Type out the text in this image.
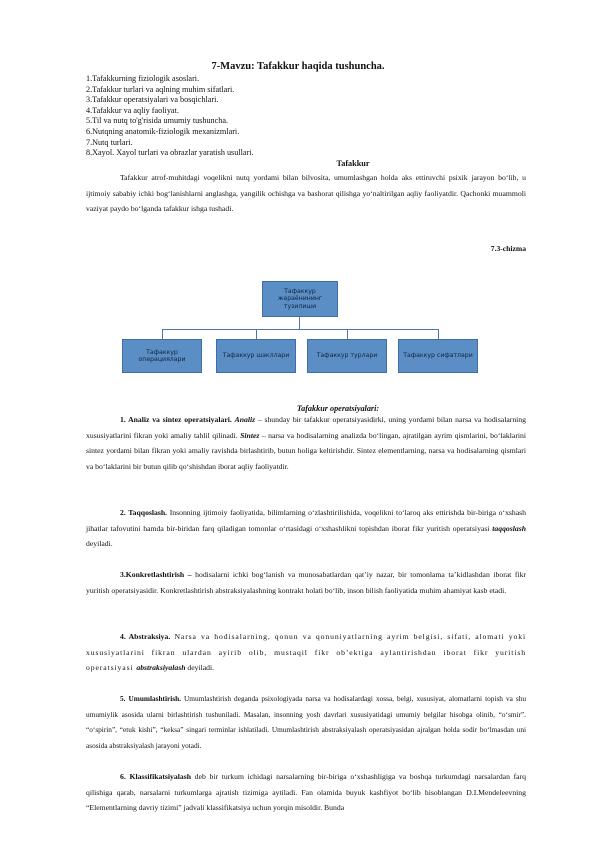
7-Mavzu: Tafakkur haqida tushuncha.
1.Tafakkurning fiziologik asoslari.
2.Tafakkur turlari va aqlning muhim sifatlari.
3.Tafakkur operatsiyalari va bosqichlari.
4.Tafakkur va aqliy faoliyat.
5.Til va nutq to'g'risida umumiy tushuncha.
6.Nutqning anatomik-fiziologik mexanizmlari.
7.Nutq turlari.
8.Xayol. Xayol turlari va obrazlar yaratish usullari.
Tafakkur
Tafakkur atrof-muhitdagi voqelikni nutq yordami bilan bilvosita, umumlashgan holda aks ettiruvchi psixik jarayon bo‘lib, u ijtimoiy sababiy ichki bog‘lanishlarni anglashga, yangilik ochishga va bashorat qilishga yo‘naltirilgan aqliy faoliyatdir. Qachonki muammoli vaziyat paydo bo‘lganda tafakkur ishga tushadi.
7.3-chizma
Тафаккур жараёнининг тузилиши
Тафаккур операциялари
Тафаккур шакллари	Тафаккур турлари	Тафаккур сифатлари
Tafakkur operatsiyalari:
1. Analiz va sintez operatsiyalari. Analiz – shunday bir tafakkur operatsiyasidirki, uning yordami bilan narsa va hodisalarning xususiyatlarini fikran yoki amaliy tahlil qilinadi. Sintez – narsa va hodisalarning analizda bo‘lingan, ajratilgan ayrim qismlarini, bo‘laklarini sintez yordami bilan fikran yoki amaliy ravishda birlashtirib, butun holiga keltirishdir. Sintez elementlarning, narsa va hodisalarning qismlari va bo‘laklarini bir butun qilib qo‘shishdan iborat aqliy faoliyatdir.
2. Taqqoslash. Insonning ijtimoiy faoliyatida, bilimlarning o‘zlashtirilishida, voqelikni to‘laroq aks ettirishda bir-biriga o‘xshash jihatlar tafovutini hamda bir-biridan farq qiladigan tomonlar o‘rtasidagi o‘xshashlikni topishdan iborat fikr yuritish operatsiyasi taqqoslash deyiladi.
3.Konkretlashtirish – hodisalarni ichki bog‘lanish va munosabatlardan qat’iy nazar, bir tomonlama ta’kidlashdan iborat fikr yuritish operatsiyasidir. Konkretlashtirish abstraksiyalashning kontrakt holati bo‘lib, inson bilish faoliyatida muhim ahamiyat kasb etadi.
4. Abstraksiya. Narsa va hodisalarning, qonun va qonuniyatlarning ayrim belgisi, sifati, alomati yoki xususiyatlarini fikran ulardan ayirib olib, mustaqil fikr ob’ektiga aylantirishdan iborat fikr yuritish operatsiyasi abstraksiyalash deyiladi.
5. Umumlashtirish. Umumlashtirish deganda psixologiyada narsa va hodisalardagi xossa, belgi, xususiyat, alomatlarni topish va shu umumiylik asosida ularni birlashtirish tushuniladi. Masalan, insonning yosh davrlari xususiyatidagi umumiy belgilar hisobga olinib, “o‘smir”. “o‘spirin”, “etuk kishi”, “keksa” singari terminlar ishlatiladi. Umumlashtirish abstraksiyalash operatsiyasidan ajralgan holda sodir bo‘lmasdan uni asosida abstraksiyalash jarayoni yotadi.
6. Klassifikatsiyalash deb bir turkum ichidagi narsalarning bir-biriga o‘xshashligiga va boshqa turkumdagi narsalardan farq qilishiga qarab, narsalarni turkumlarga ajratish tizimiga aytiladi. Fan olamida buyuk kashfiyot bo‘lib hisoblangan D.I.Mendeleevning “Elementlarning davriy tizimi” jadvali klassifikatsiya uchun yorqin misoldir. Bunda
